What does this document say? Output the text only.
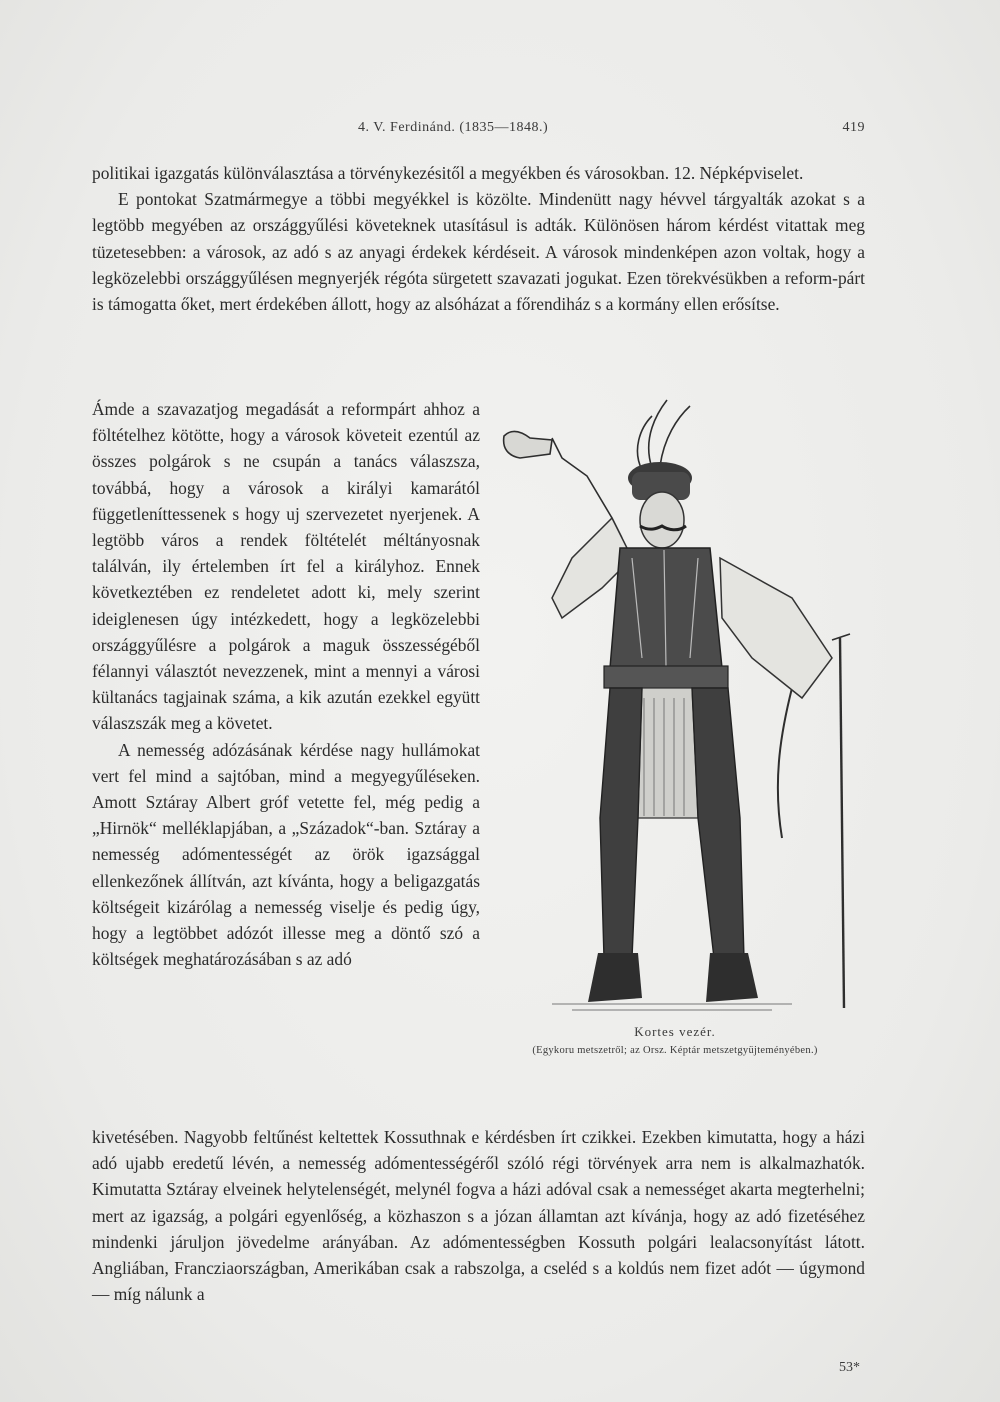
4. V. Ferdinánd. (1835—1848.)	419

politikai igazgatás különválasztása a törvénykezésitől a megyékben és városokban. 12. Népképviselet.

E pontokat Szatmármegye a többi megyékkel is közölte. Mindenütt nagy hévvel tárgyalták azokat s a legtöbb megyében az országgyűlési követeknek utasításul is adták. Különösen három kérdést vitattak meg tüzetesebben: a városok, az adó s az anyagi érdekek kérdéseit. A városok mindenképen azon voltak, hogy a legközelebbi országgyűlésen megnyerjék régóta sürgetett szavazati jogukat. Ezen törekvésükben a reform-párt is támogatta őket, mert érdekében állott, hogy az alsóházat a főrendiház s a kormány ellen erősítse.

Ámde a szavazatjog megadását a reformpárt ahhoz a föltételhez kötötte, hogy a városok követeit ezentúl az összes polgárok s ne csupán a tanács válaszsza, továbbá, hogy a városok a királyi kamarától függetleníttessenek s hogy uj szervezetet nyerjenek. A legtöbb város a rendek föltételét méltányosnak találván, ily értelemben írt fel a királyhoz. Ennek következtében ez rendeletet adott ki, mely szerint ideiglenesen úgy intézkedett, hogy a legközelebbi országgyűlésre a polgárok a maguk összességéből félannyi választót nevezzenek, mint a mennyi a városi kültanács tagjainak száma, a kik azután ezekkel együtt válaszszák meg a követet.

A nemesség adózásának kérdése nagy hullámokat vert fel mind a sajtóban, mind a megyegyűléseken. Amott Sztáray Albert gróf vetette fel, még pedig a „Hirnök“ melléklapjában, a „Századok“-ban. Sztáray a nemesség adómentességét az örök igazsággal ellenkezőnek állítván, azt kívánta, hogy a beligazgatás költségeit kizárólag a nemesség viselje és pedig úgy, hogy a legtöbbet adózót illesse meg a döntő szó a költségek meghatározásában s az adó

Kortes vezér.
(Egykoru metszetről; az Orsz. Képtár metszetgyüjteményében.)

kivetésében. Nagyobb feltűnést keltettek Kossuthnak e kérdésben írt czikkei. Ezekben kimutatta, hogy a házi adó ujabb eredetű lévén, a nemesség adómentességéről szóló régi törvények arra nem is alkalmazhatók. Kimutatta Sztáray elveinek helytelenségét, melynél fogva a házi adóval csak a nemességet akarta megterhelni; mert az igazság, a polgári egyenlőség, a közhaszon s a józan államtan azt kívánja, hogy az adó fizetéséhez mindenki járuljon jövedelme arányában. Az adómentességben Kossuth polgári lealacsonyítást látott. Angliában, Francziaországban, Amerikában csak a rabszolga, a cseléd s a koldús nem fizet adót — úgymond — míg nálunk a

53*
